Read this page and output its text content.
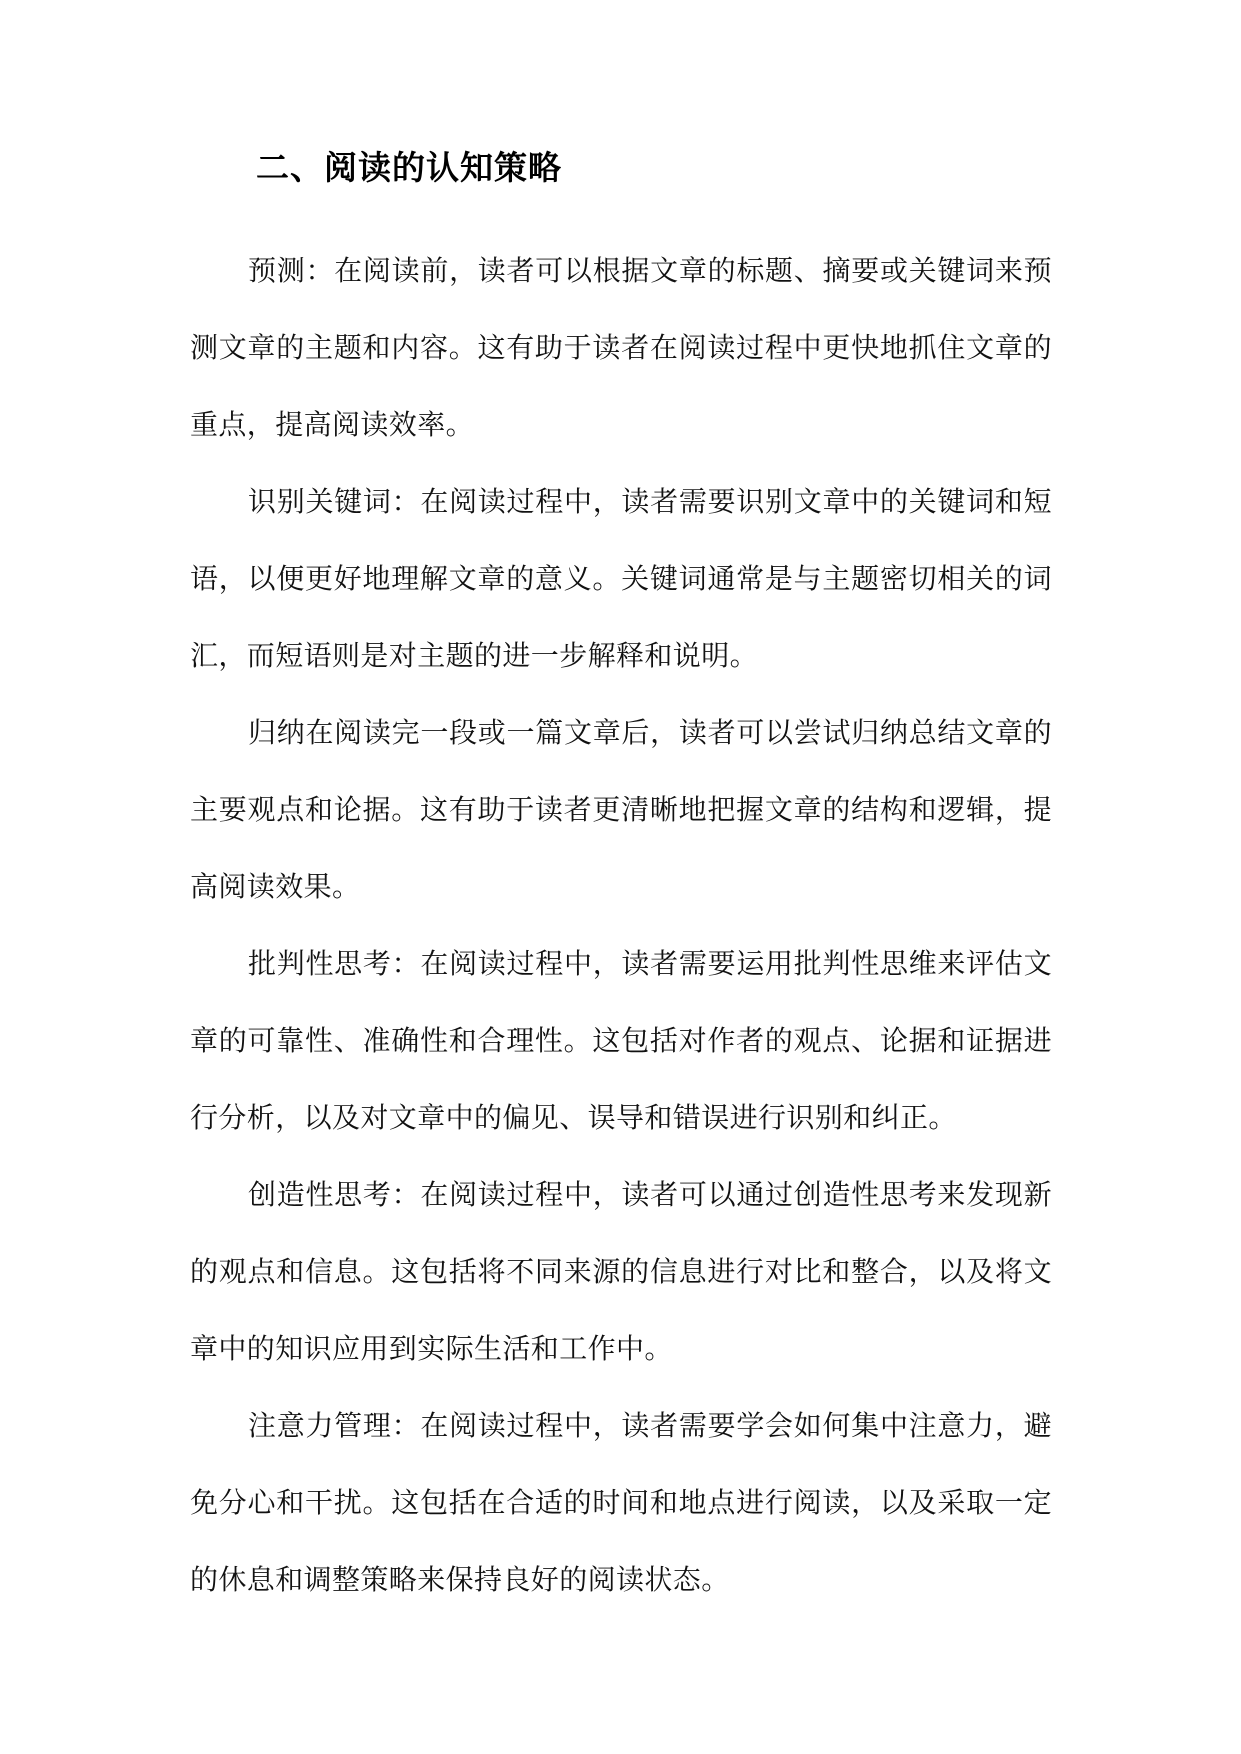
二、阅读的认知策略

预测：在阅读前，读者可以根据文章的标题、摘要或关键词来预测文章的主题和内容。这有助于读者在阅读过程中更快地抓住文章的重点，提高阅读效率。

识别关键词：在阅读过程中，读者需要识别文章中的关键词和短语，以便更好地理解文章的意义。关键词通常是与主题密切相关的词汇，而短语则是对主题的进一步解释和说明。

归纳在阅读完一段或一篇文章后，读者可以尝试归纳总结文章的主要观点和论据。这有助于读者更清晰地把握文章的结构和逻辑，提高阅读效果。

批判性思考：在阅读过程中，读者需要运用批判性思维来评估文章的可靠性、准确性和合理性。这包括对作者的观点、论据和证据进行分析，以及对文章中的偏见、误导和错误进行识别和纠正。

创造性思考：在阅读过程中，读者可以通过创造性思考来发现新的观点和信息。这包括将不同来源的信息进行对比和整合，以及将文章中的知识应用到实际生活和工作中。

注意力管理：在阅读过程中，读者需要学会如何集中注意力，避免分心和干扰。这包括在合适的时间和地点进行阅读，以及采取一定的休息和调整策略来保持良好的阅读状态。
